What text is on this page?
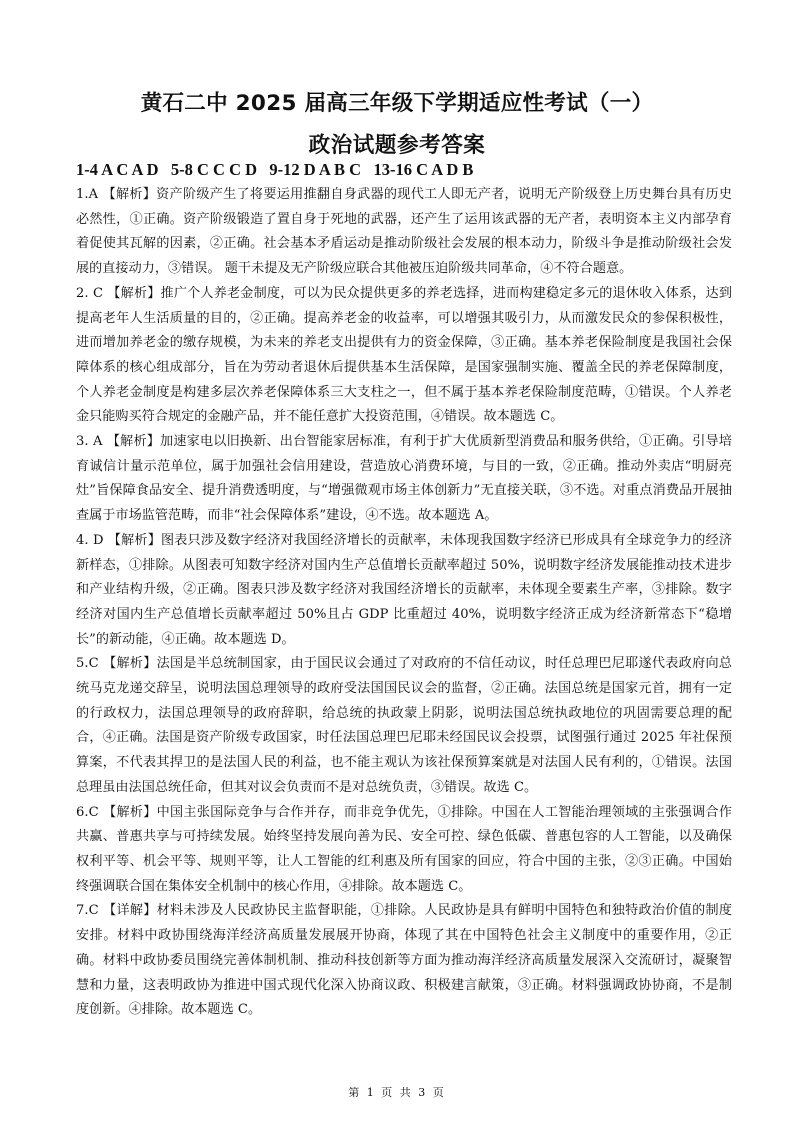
黄石二中 2025 届高三年级下学期适应性考试（一）
政治试题参考答案
1-4 A C A D   5-8 C C C D   9-12 D A B C   13-16 C A D B

1.A 【解析】资产阶级产生了将要运用推翻自身武器的现代工人即无产者，说明无产阶级登上历史舞台具有历史必然性，①正确。资产阶级锻造了置自身于死地的武器，还产生了运用该武器的无产者，表明资本主义内部孕育着促使其瓦解的因素，②正确。社会基本矛盾运动是推动阶级社会发展的根本动力，阶级斗争是推动阶级社会发展的直接动力，③错误。 题干未提及无产阶级应联合其他被压迫阶级共同革命，④不符合题意。

2. C 【解析】推广个人养老金制度，可以为民众提供更多的养老选择，进而构建稳定多元的退休收入体系，达到提高老年人生活质量的目的，②正确。提高养老金的收益率，可以增强其吸引力，从而激发民众的参保积极性，进而增加养老金的缴存规模，为未来的养老支出提供有力的资金保障，③正确。基本养老保险制度是我国社会保障体系的核心组成部分，旨在为劳动者退休后提供基本生活保障，是国家强制实施、覆盖全民的养老保障制度，个人养老金制度是构建多层次养老保障体系三大支柱之一，但不属于基本养老保险制度范畴，①错误。个人养老金只能购买符合规定的金融产品，并不能任意扩大投资范围，④错误。故本题选 C。

3. A 【解析】加速家电以旧换新、出台智能家居标准，有利于扩大优质新型消费品和服务供给，①正确。引导培育诚信计量示范单位，属于加强社会信用建设，营造放心消费环境，与目的一致，②正确。推动外卖店“明厨亮灶”旨保障食品安全、提升消费透明度，与“增强微观市场主体创新力”无直接关联，③不选。对重点消费品开展抽查属于市场监管范畴，而非“社会保障体系”建设，④不选。故本题选 A。

4. D 【解析】图表只涉及数字经济对我国经济增长的贡献率，未体现我国数字经济已形成具有全球竞争力的经济新样态，①排除。从图表可知数字经济对国内生产总值增长贡献率超过 50%，说明数字经济发展能推动技术进步和产业结构升级，②正确。图表只涉及数字经济对我国经济增长的贡献率，未体现全要素生产率，③排除。数字经济对国内生产总值增长贡献率超过 50%且占 GDP 比重超过 40%，说明数字经济正成为经济新常态下“稳增长”的新动能，④正确。故本题选 D。

5.C 【解析】法国是半总统制国家，由于国民议会通过了对政府的不信任动议，时任总理巴尼耶遂代表政府向总统马克龙递交辞呈，说明法国总理领导的政府受法国国民议会的监督，②正确。法国总统是国家元首，拥有一定的行政权力，法国总理领导的政府辞职，给总统的执政蒙上阴影，说明法国总统执政地位的巩固需要总理的配合，④正确。法国是资产阶级专政国家，时任法国总理巴尼耶未经国民议会投票，试图强行通过 2025 年社保预算案，不代表其捍卫的是法国人民的利益，也不能主观认为该社保预算案就是对法国人民有利的，①错误。法国总理虽由法国总统任命，但其对议会负责而不是对总统负责，③错误。故选 C。

6.C 【解析】中国主张国际竞争与合作并存，而非竞争优先，①排除。中国在人工智能治理领域的主张强调合作共赢、普惠共享与可持续发展。始终坚持发展向善为民、安全可控、绿色低碳、普惠包容的人工智能，以及确保权利平等、机会平等、规则平等，让人工智能的红利惠及所有国家的回应，符合中国的主张，②③正确。中国始终强调联合国在集体安全机制中的核心作用，④排除。故本题选 C。

7.C 【详解】材料未涉及人民政协民主监督职能，①排除。人民政协是具有鲜明中国特色和独特政治价值的制度安排。材料中政协围绕海洋经济高质量发展展开协商，体现了其在中国特色社会主义制度中的重要作用，②正确。材料中政协委员围绕完善体制机制、推动科技创新等方面为推动海洋经济高质量发展深入交流研讨，凝聚智慧和力量，这表明政协为推进中国式现代化深入协商议政、积极建言献策，③正确。材料强调政协协商，不是制度创新。④排除。故本题选 C。

第 1 页 共 3 页
